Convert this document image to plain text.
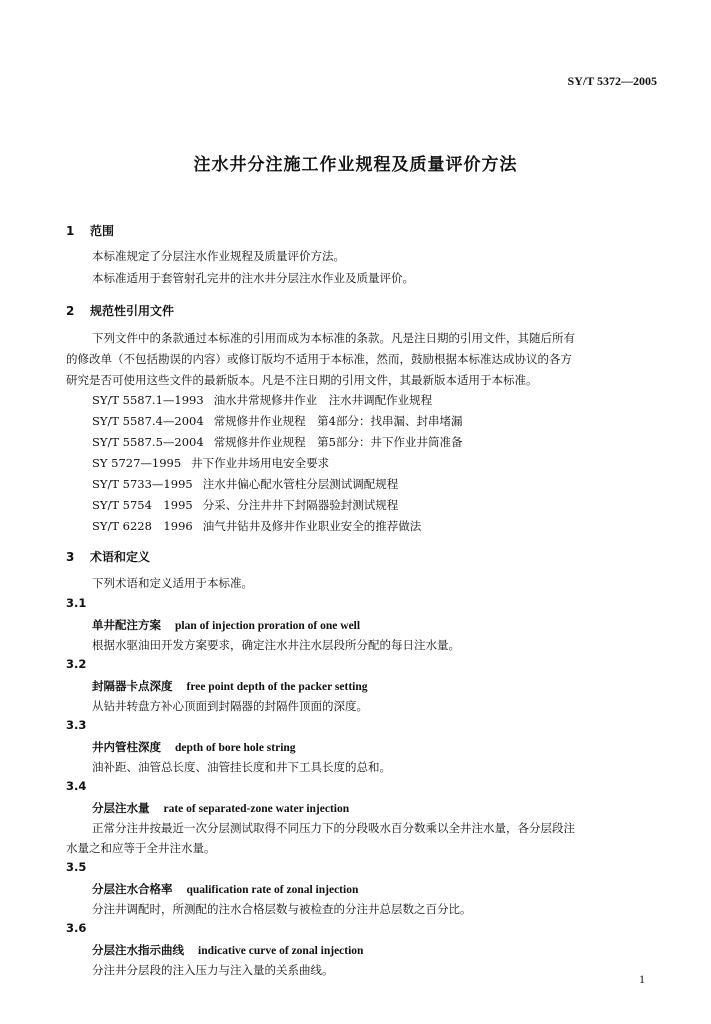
SY/T 5372—2005
注水井分注施工作业规程及质量评价方法
1 范围
本标准规定了分层注水作业规程及质量评价方法。
本标准适用于套管射孔完井的注水井分层注水作业及质量评价。
2 规范性引用文件
下列文件中的条款通过本标准的引用而成为本标准的条款。凡是注日期的引用文件，其随后所有
的修改单（不包括勘误的内容）或修订版均不适用于本标准，然而，鼓励根据本标准达成协议的各方
研究是否可使用这些文件的最新版本。凡是不注日期的引用文件，其最新版本适用于本标准。
SY/T 5587.1—1993 油水井常规修井作业　注水井调配作业规程
SY/T 5587.4—2004 常规修井作业规程　第4部分：找串漏、封串堵漏
SY/T 5587.5—2004 常规修井作业规程　第5部分：井下作业井筒准备
SY 5727—1995 井下作业井场用电安全要求
SY/T 5733—1995 注水井偏心配水管柱分层测试调配规程
SY/T 5754　1995 分采、分注井井下封隔器验封测试规程
SY/T 6228　1996 油气井钻井及修井作业职业安全的推荐做法
3 术语和定义
下列术语和定义适用于本标准。
3.1
单井配注方案 plan of injection proration of one well
根据水驱油田开发方案要求，确定注水井注水层段所分配的每日注水量。
3.2
封隔器卡点深度 free point depth of the packer setting
从钻井转盘方补心顶面到封隔器的封隔件顶面的深度。
3.3
井内管柱深度 depth of bore hole string
油补距、油管总长度、油管挂长度和井下工具长度的总和。
3.4
分层注水量 rate of separated-zone water injection
正常分注井按最近一次分层测试取得不同压力下的分段吸水百分数乘以全井注水量，各分层段注
水量之和应等于全井注水量。
3.5
分层注水合格率 qualification rate of zonal injection
分注井调配时，所测配的注水合格层数与被检查的分注井总层数之百分比。
3.6
分层注水指示曲线 indicative curve of zonal injection
分注井分层段的注入压力与注入量的关系曲线。
1
